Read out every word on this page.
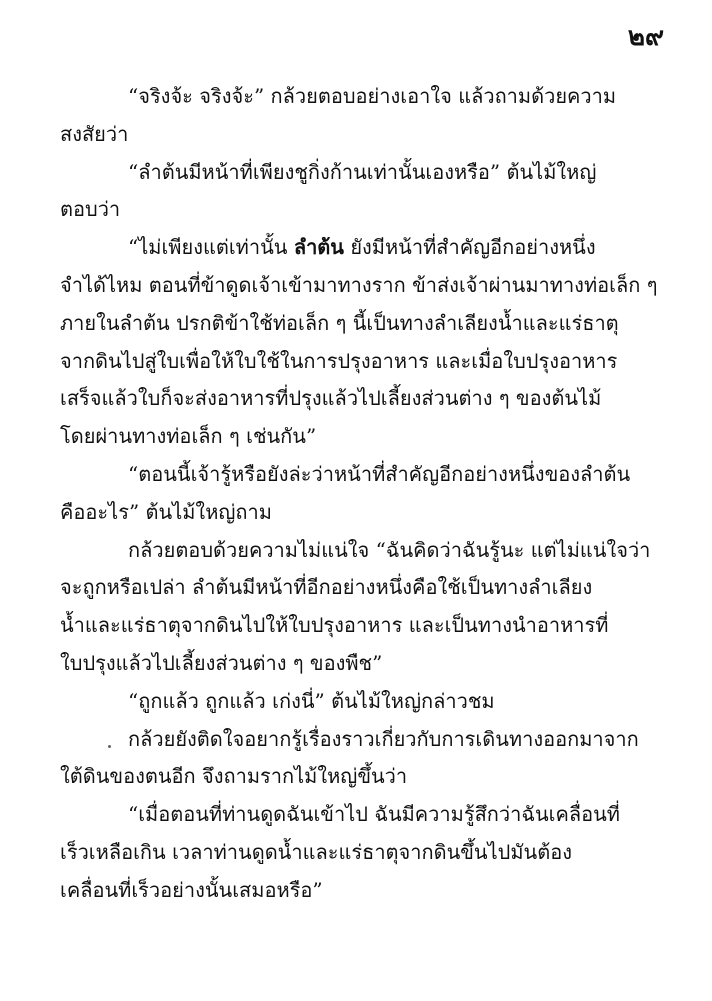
๒๙
“จริงจ้ะ จริงจ้ะ” กล้วยตอบอย่างเอาใจ แล้วถามด้วยความ
สงสัยว่า
“ลำต้นมีหน้าที่เพียงชูกิ่งก้านเท่านั้นเองหรือ” ต้นไม้ใหญ่
ตอบว่า
“ไม่เพียงแต่เท่านั้น ลำต้น ยังมีหน้าที่สำคัญอีกอย่างหนึ่ง
จำได้ไหม ตอนที่ข้าดูดเจ้าเข้ามาทางราก ข้าส่งเจ้าผ่านมาทางท่อเล็ก ๆ
ภายในลำต้น ปรกติข้าใช้ท่อเล็ก ๆ นี้เป็นทางลำเลียงน้ำและแร่ธาตุ
จากดินไปสู่ใบเพื่อให้ใบใช้ในการปรุงอาหาร และเมื่อใบปรุงอาหาร
เสร็จแล้วใบก็จะส่งอาหารที่ปรุงแล้วไปเลี้ยงส่วนต่าง ๆ ของต้นไม้
โดยผ่านทางท่อเล็ก ๆ เช่นกัน”
“ตอนนี้เจ้ารู้หรือยังล่ะว่าหน้าที่สำคัญอีกอย่างหนึ่งของลำต้น
คืออะไร” ต้นไม้ใหญ่ถาม
กล้วยตอบด้วยความไม่แน่ใจ “ฉันคิดว่าฉันรู้นะ แต่ไม่แน่ใจว่า
จะถูกหรือเปล่า ลำต้นมีหน้าที่อีกอย่างหนึ่งคือใช้เป็นทางลำเลียง
น้ำและแร่ธาตุจากดินไปให้ใบปรุงอาหาร และเป็นทางนำอาหารที่
ใบปรุงแล้วไปเลี้ยงส่วนต่าง ๆ ของพืช”
“ถูกแล้ว ถูกแล้ว เก่งนี่” ต้นไม้ใหญ่กล่าวชม
กล้วยยังติดใจอยากรู้เรื่องราวเกี่ยวกับการเดินทางออกมาจาก
ใต้ดินของตนอีก จึงถามรากไม้ใหญ่ขึ้นว่า
“เมื่อตอนที่ท่านดูดฉันเข้าไป ฉันมีความรู้สึกว่าฉันเคลื่อนที่
เร็วเหลือเกิน เวลาท่านดูดน้ำและแร่ธาตุจากดินขึ้นไปมันต้อง
เคลื่อนที่เร็วอย่างนั้นเสมอหรือ”
